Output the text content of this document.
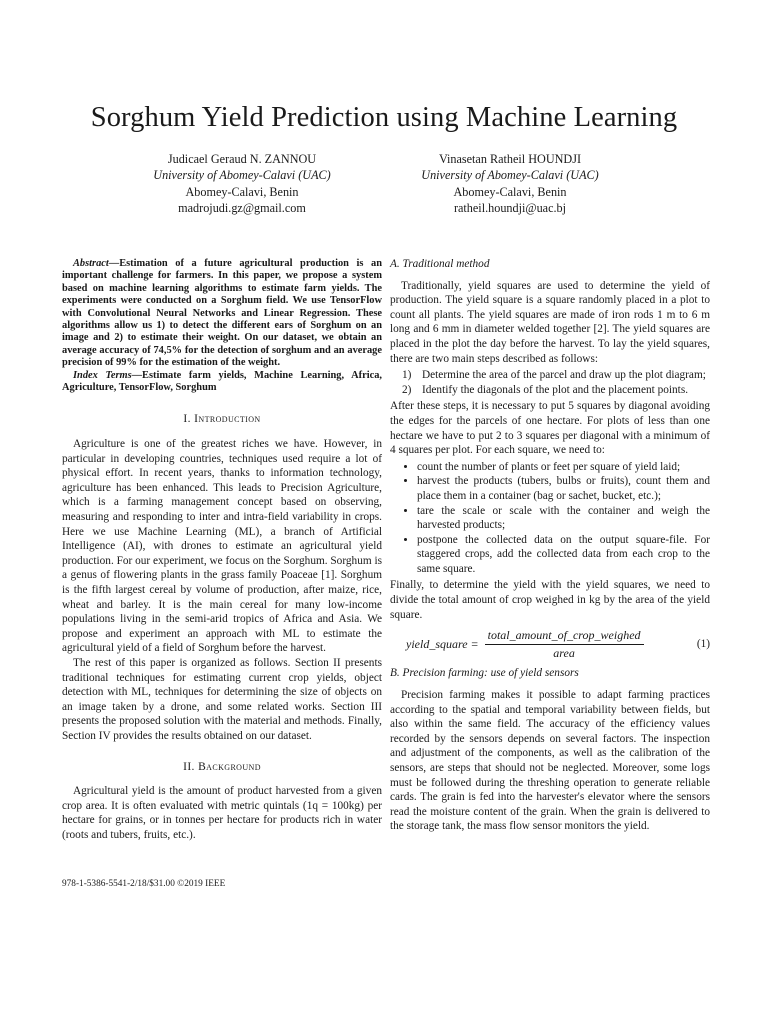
Sorghum Yield Prediction using Machine Learning
Judicael Geraud N. ZANNOU
University of Abomey-Calavi (UAC)
Abomey-Calavi, Benin
madrojudi.gz@gmail.com
Vinasetan Ratheil HOUNDJI
University of Abomey-Calavi (UAC)
Abomey-Calavi, Benin
ratheil.houndji@uac.bj

Abstract—Estimation of a future agricultural production is an important challenge for farmers. In this paper, we propose a system based on machine learning algorithms to estimate farm yields. The experiments were conducted on a Sorghum field. We use TensorFlow with Convolutional Neural Networks and Linear Regression. These algorithms allow us 1) to detect the different ears of Sorghum on an image and 2) to estimate their weight. On our dataset, we obtain an average accuracy of 74,5% for the detection of sorghum and an average precision of 99% for the estimation of the weight.

Index Terms—Estimate farm yields, Machine Learning, Africa, Agriculture, TensorFlow, Sorghum

I. Introduction

Agriculture is one of the greatest riches we have. However, in particular in developing countries, techniques used require a lot of physical effort. In recent years, thanks to information technology, agriculture has been enhanced. This leads to Precision Agriculture, which is a farming management concept based on observing, measuring and responding to inter and intra-field variability in crops. Here we use Machine Learning (ML), a branch of Artificial Intelligence (AI), with drones to estimate an agricultural yield production. For our experiment, we focus on the Sorghum. Sorghum is a genus of flowering plants in the grass family Poaceae [1]. Sorghum is the fifth largest cereal by volume of production, after maize, rice, wheat and barley. It is the main cereal for many low-income populations living in the semi-arid tropics of Africa and Asia. We propose and experiment an approach with ML to estimate the agricultural yield of a field of Sorghum before the harvest.

The rest of this paper is organized as follows. Section II presents traditional techniques for estimating current crop yields, object detection with ML, techniques for determining the size of objects on an image taken by a drone, and some related works. Section III presents the proposed solution with the material and methods. Finally, Section IV provides the results obtained on our dataset.

II. Background

Agricultural yield is the amount of product harvested from a given crop area. It is often evaluated with metric quintals (1q = 100kg) per hectare for grains, or in tonnes per hectare for products rich in water (roots and tubers, fruits, etc.).

A. Traditional method

Traditionally, yield squares are used to determine the yield of production. The yield square is a square randomly placed in a plot to count all plants. The yield squares are made of iron rods 1 m to 6 m long and 6 mm in diameter welded together [2]. The yield squares are placed in the plot the day before the harvest. To lay the yield squares, there are two main steps described as follows:

1) Determine the area of the parcel and draw up the plot diagram;
2) Identify the diagonals of the plot and the placement points.

After these steps, it is necessary to put 5 squares by diagonal avoiding the edges for the parcels of one hectare. For plots of less than one hectare we have to put 2 to 3 squares per diagonal with a minimum of 4 squares per plot. For each square, we need to:

• count the number of plants or feet per square of yield laid;
• harvest the products (tubers, bulbs or fruits), count them and place them in a container (bag or sachet, bucket, etc.);
• tare the scale or scale with the container and weigh the harvested products;
• postpone the collected data on the output square-file. For staggered crops, add the collected data from each crop to the same square.

Finally, to determine the yield with the yield squares, we need to divide the total amount of crop weighed in kg by the area of the yield square.

yield_square = $\frac{\text{total\_amount\_of\_crop\_weighed}}{\text{area}}$	(1)
B. Precision farming: use of yield sensors

Precision farming makes it possible to adapt farming practices according to the spatial and temporal variability between fields, but also within the same field. The accuracy of the efficiency values recorded by the sensors depends on several factors. The inspection and adjustment of the components, as well as the calibration of the sensors, are steps that should not be neglected. Moreover, some logs must be followed during the threshing operation to generate reliable cards. The grain is fed into the harvester's elevator where the sensors read the moisture content of the grain. When the grain is delivered to the storage tank, the mass flow sensor monitors the yield.

978-1-5386-5541-2/18/$31.00 ©2019 IEEE
